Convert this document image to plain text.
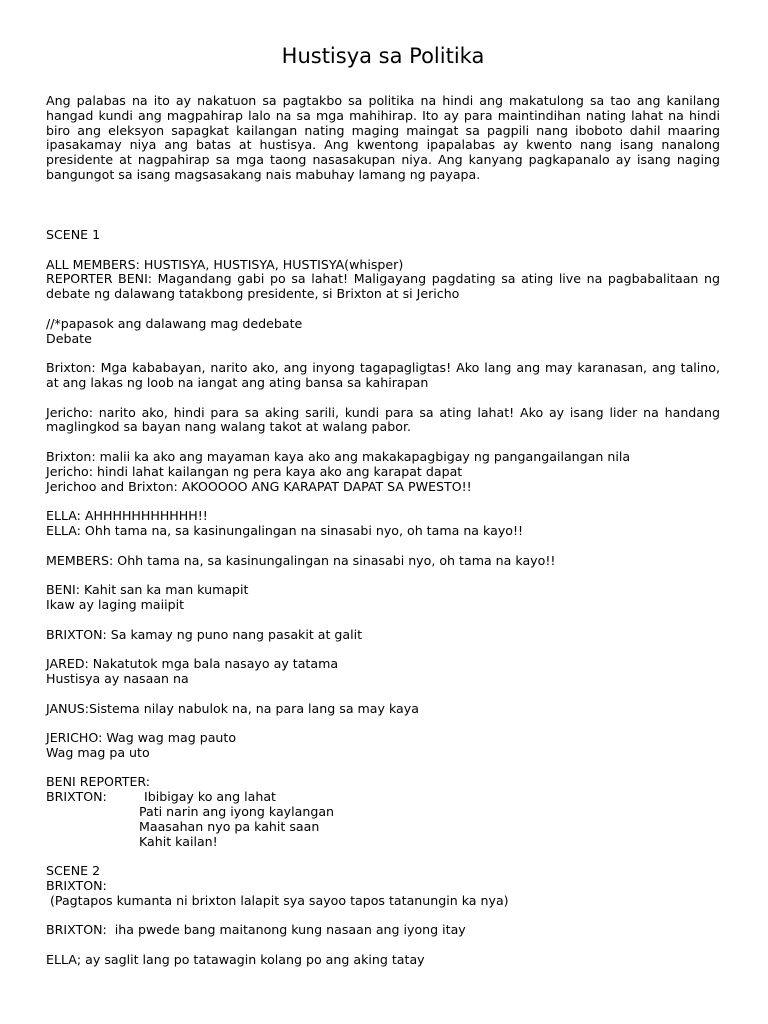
Hustisya sa Politika

Ang palabas na ito ay nakatuon sa pagtakbo sa politika na hindi ang makatulong sa tao ang kanilang hangad kundi ang magpahirap lalo na sa mga mahihirap. Ito ay para maintindihan nating lahat na hindi biro ang eleksyon sapagkat kailangan nating maging maingat sa pagpili nang iboboto dahil maaring ipasakamay niya ang batas at hustisya. Ang kwentong ipapalabas ay kwento nang isang nanalong presidente at nagpahirap sa mga taong nasasakupan niya. Ang kanyang pagkapanalo ay isang naging bangungot sa isang magsasakang nais mabuhay lamang ng payapa.

SCENE 1
ALL MEMBERS: HUSTISYA, HUSTISYA, HUSTISYA(whisper)
REPORTER BENI: Magandang gabi po sa lahat! Maligayang pagdating sa ating live na pagbabalitaan ng debate ng dalawang tatakbong presidente, si Brixton at si Jericho
//*papasok ang dalawang mag dedebate
Debate
Brixton: Mga kababayan, narito ako, ang inyong tagapagligtas! Ako lang ang may karanasan, ang talino, at ang lakas ng loob na iangat ang ating bansa sa kahirapan
Jericho: narito ako, hindi para sa aking sarili, kundi para sa ating lahat! Ako ay isang lider na handang maglingkod sa bayan nang walang takot at walang pabor.
Brixton: malii ka ako ang mayaman kaya ako ang makakapagbigay ng pangangailangan nila
Jericho: hindi lahat kailangan ng pera kaya ako ang karapat dapat
Jerichoo and Brixton: AKOOOOO ANG KARAPAT DAPAT SA PWESTO!!
ELLA: AHHHHHHHHHHH!!
ELLA: Ohh tama na, sa kasinungalingan na sinasabi nyo, oh tama na kayo!!
MEMBERS: Ohh tama na, sa kasinungalingan na sinasabi nyo, oh tama na kayo!!
BENI: Kahit san ka man kumapit
Ikaw ay laging maiipit
BRIXTON: Sa kamay ng puno nang pasakit at galit
JARED: Nakatutok mga bala nasayo ay tatama
Hustisya ay nasaan na
JANUS:Sistema nilay nabulok na, na para lang sa may kaya
JERICHO: Wag wag mag pauto
Wag mag pa uto
BENI REPORTER:
BRIXTON:	Ibibigay ko ang lahat
Pati narin ang iyong kaylangan
Maasahan nyo pa kahit saan
Kahit kailan!
SCENE 2
BRIXTON:
(Pagtapos kumanta ni brixton lalapit sya sayoo tapos tatanungin ka nya)
BRIXTON:  iha pwede bang maitanong kung nasaan ang iyong itay
ELLA; ay saglit lang po tatawagin kolang po ang aking tatay
